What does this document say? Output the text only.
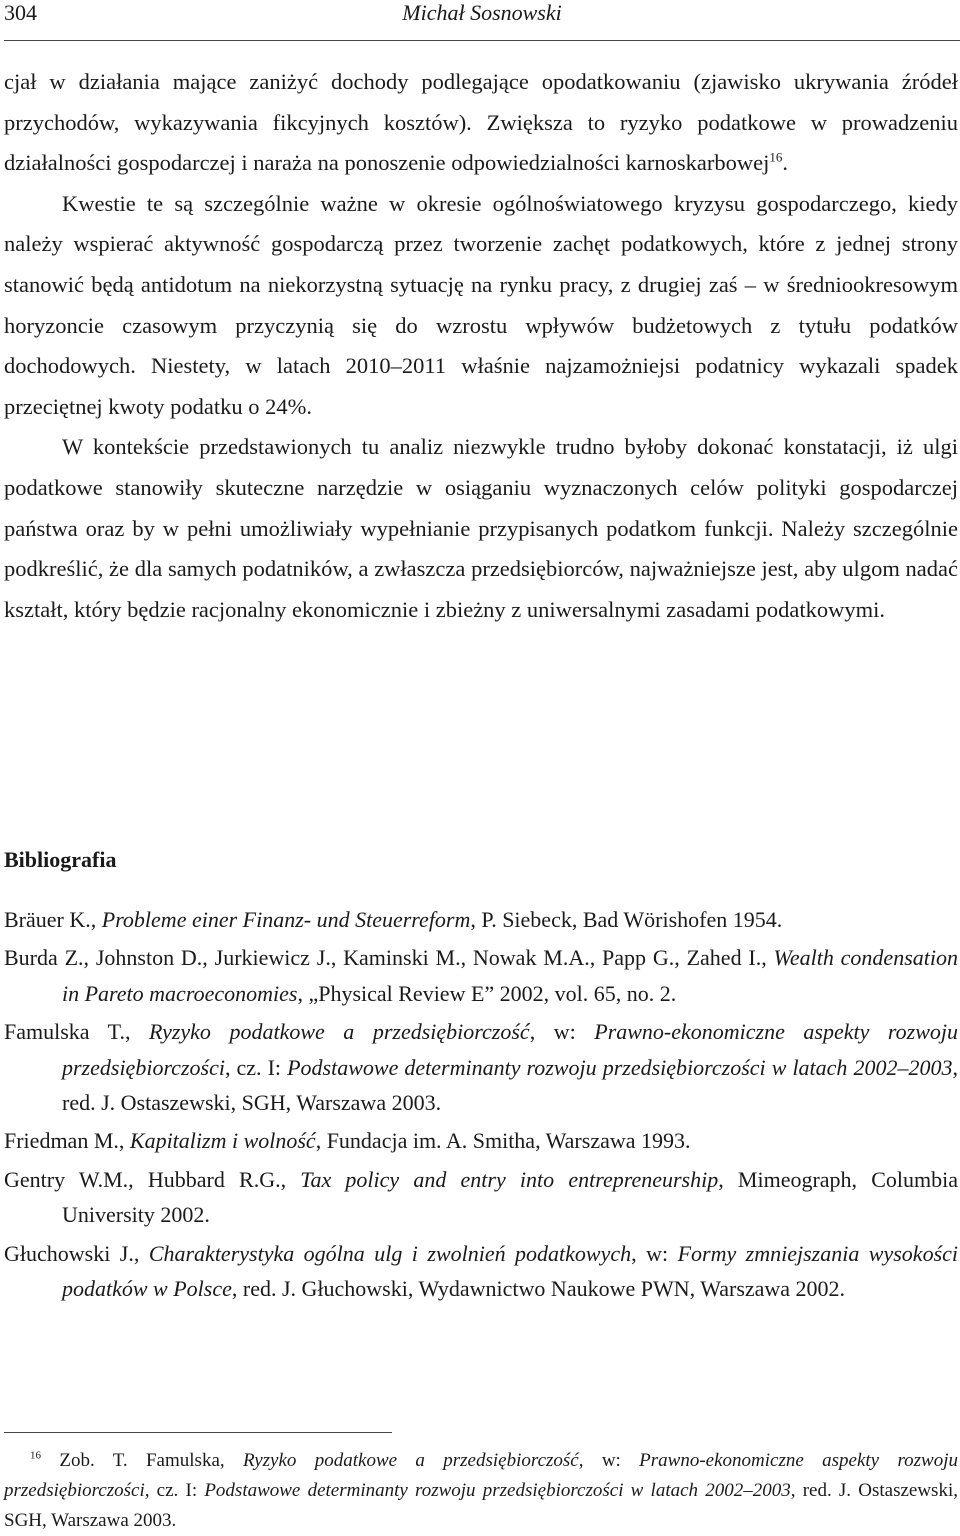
304	Michał Sosnowski

cjał w działania mające zaniżyć dochody podlegające opodatkowaniu (zjawisko ukrywania źródeł przychodów, wykazywania fikcyjnych kosztów). Zwiększa to ryzyko podatkowe w prowadzeniu działalności gospodarczej i naraża na ponoszenie odpowiedzialności karnoskarbowej$^{16}$.

Kwestie te są szczególnie ważne w okresie ogólnoświatowego kryzysu gospodarczego, kiedy należy wspierać aktywność gospodarczą przez tworzenie zachęt podatkowych, które z jednej strony stanowić będą antidotum na niekorzystną sytuację na rynku pracy, z drugiej zaś – w średniookresowym horyzoncie czasowym przyczynią się do wzrostu wpływów budżetowych z tytułu podatków dochodowych. Niestety, w latach 2010–2011 właśnie najzamożniejsi podatnicy wykazali spadek przeciętnej kwoty podatku o 24%.

W kontekście przedstawionych tu analiz niezwykle trudno byłoby dokonać konstatacji, iż ulgi podatkowe stanowiły skuteczne narzędzie w osiąganiu wyznaczonych celów polityki gospodarczej państwa oraz by w pełni umożliwiały wypełnianie przypisanych podatkom funkcji. Należy szczególnie podkreślić, że dla samych podatników, a zwłaszcza przedsiębiorców, najważniejsze jest, aby ulgom nadać kształt, który będzie racjonalny ekonomicznie i zbieżny z uniwersalnymi zasadami podatkowymi.

Bibliografia

Bräuer K., Probleme einer Finanz- und Steuerreform, P. Siebeck, Bad Wörishofen 1954.

Burda Z., Johnston D., Jurkiewicz J., Kaminski M., Nowak M.A., Papp G., Zahed I., Wealth condensation in Pareto macroeconomies, „Physical Review E” 2002, vol. 65, no. 2.

Famulska T., Ryzyko podatkowe a przedsiębiorczość, w: Prawno-ekonomiczne aspekty rozwoju przedsiębiorczości, cz. I: Podstawowe determinanty rozwoju przedsiębiorczości w latach 2002–2003, red. J. Ostaszewski, SGH, Warszawa 2003.

Friedman M., Kapitalizm i wolność, Fundacja im. A. Smitha, Warszawa 1993.

Gentry W.M., Hubbard R.G., Tax policy and entry into entrepreneurship, Mimeograph, Columbia University 2002.

Głuchowski J., Charakterystyka ogólna ulg i zwolnień podatkowych, w: Formy zmniejszania wysokości podatków w Polsce, red. J. Głuchowski, Wydawnictwo Naukowe PWN, Warszawa 2002.

$^{16}$ Zob. T. Famulska, Ryzyko podatkowe a przedsiębiorczość, w: Prawno-ekonomiczne aspekty rozwoju przedsiębiorczości, cz. I: Podstawowe determinanty rozwoju przedsiębiorczości w latach 2002–2003, red. J. Ostaszewski, SGH, Warszawa 2003.
